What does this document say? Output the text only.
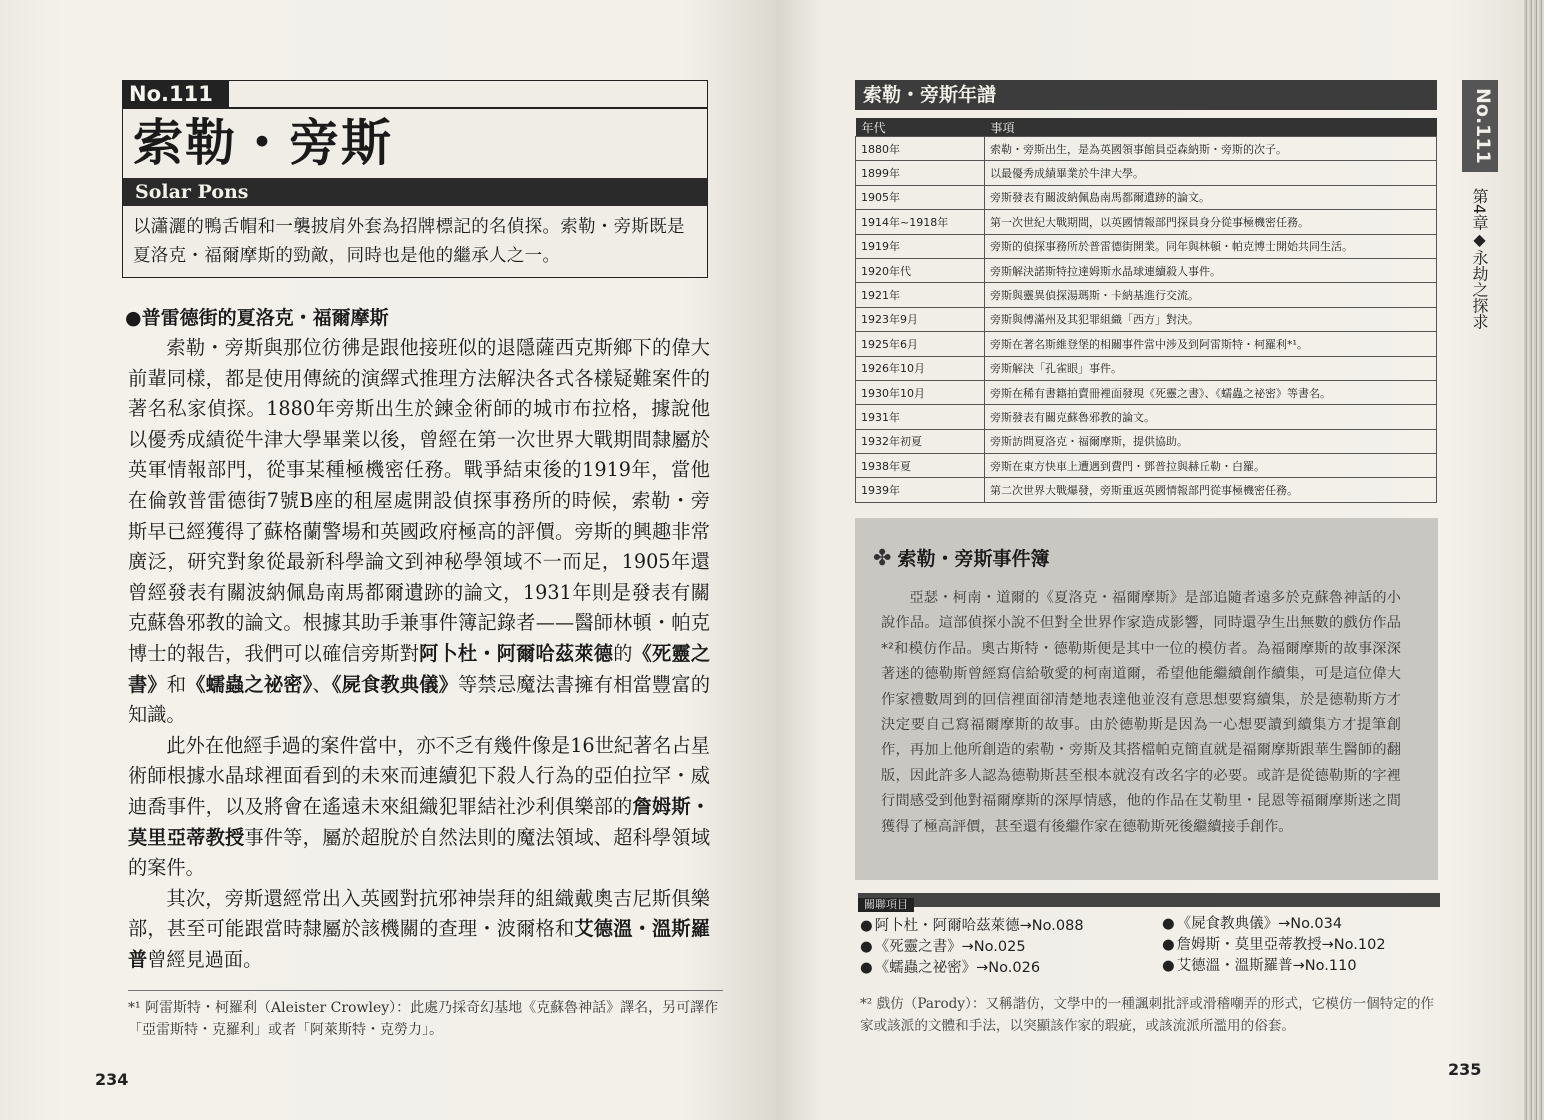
No.111
索勒・旁斯
Solar Pons
以瀟灑的鴨舌帽和一襲披肩外套為招牌標記的名偵探。索勒・旁斯既是夏洛克・福爾摩斯的勁敵，同時也是他的繼承人之一。
●普雷德街的夏洛克・福爾摩斯

索勒・旁斯與那位彷彿是跟他接班似的退隱薩西克斯鄉下的偉大前輩同樣，都是使用傳統的演繹式推理方法解決各式各樣疑難案件的著名私家偵探。1880年旁斯出生於鍊金術師的城市布拉格，據說他以優秀成績從牛津大學畢業以後，曾經在第一次世界大戰期間隸屬於英軍情報部門，從事某種極機密任務。戰爭結束後的1919年，當他在倫敦普雷德街7號B座的租屋處開設偵探事務所的時候，索勒・旁斯早已經獲得了蘇格蘭警場和英國政府極高的評價。旁斯的興趣非常廣泛，研究對象從最新科學論文到神秘學領域不一而足，1905年還曾經發表有關波納佩島南馬都爾遺跡的論文，1931年則是發表有關克蘇魯邪教的論文。根據其助手兼事件簿記錄者——醫師林頓・帕克博士的報告，我們可以確信旁斯對阿卜杜・阿爾哈茲萊德的《死靈之書》和《蠕蟲之祕密》、《屍食教典儀》等禁忌魔法書擁有相當豐富的知識。

此外在他經手過的案件當中，亦不乏有幾件像是16世紀著名占星術師根據水晶球裡面看到的未來而連續犯下殺人行為的亞伯拉罕・威迪喬事件，以及將會在遙遠未來組織犯罪結社沙利俱樂部的詹姆斯・莫里亞蒂教授事件等，屬於超脫於自然法則的魔法領域、超科學領域的案件。

其次，旁斯還經常出入英國對抗邪神崇拜的組織戴奧吉尼斯俱樂部，甚至可能跟當時隸屬於該機關的查理・波爾格和艾德溫・溫斯羅普曾經見過面。

*¹ 阿雷斯特・柯羅利（Aleister Crowley）：此處乃採奇幻基地《克蘇魯神話》譯名，另可譯作「亞雷斯特・克羅利」或者「阿萊斯特・克勞力」。
234
索勒・旁斯年譜
年代	事項
1880年	索勒・旁斯出生，是為英國領事館員亞森納斯・旁斯的次子。
1899年	以最優秀成績畢業於牛津大學。
1905年	旁斯發表有關波納佩島南馬都爾遺跡的論文。
1914年~1918年	第一次世紀大戰期間，以英國情報部門探員身分從事極機密任務。
1919年	旁斯的偵探事務所於普雷德街開業。同年與林頓・帕克博士開始共同生活。
1920年代	旁斯解決諾斯特拉達姆斯水晶球連續殺人事件。
1921年	旁斯與靈異偵探湯瑪斯・卡納基進行交流。
1923年9月	旁斯與傅滿州及其犯罪組織「西方」對決。
1925年6月	旁斯在著名斯維登堡的相關事件當中涉及到阿雷斯特・柯羅利*¹。
1926年10月	旁斯解決「孔雀眼」事件。
1930年10月	旁斯在稀有書籍拍賣冊裡面發現《死靈之書》、《蠕蟲之祕密》等書名。
1931年	旁斯發表有關克蘇魯邪教的論文。
1932年初夏	旁斯訪問夏洛克・福爾摩斯，提供協助。
1938年夏	旁斯在東方快車上遭遇到費門・鄧普拉與赫丘勒・白羅。
1939年	第二次世界大戰爆發，旁斯重返英國情報部門從事極機密任務。
✤ 索勒・旁斯事件簿
亞瑟・柯南・道爾的《夏洛克・福爾摩斯》是部追隨者遠多於克蘇魯神話的小說作品。這部偵探小說不但對全世界作家造成影響，同時還孕生出無數的戲仿作品*²和模仿作品。奧古斯特・德勒斯便是其中一位的模仿者。為福爾摩斯的故事深深著迷的德勒斯曾經寫信給敬愛的柯南道爾，希望他能繼續創作續集，可是這位偉大作家禮數周到的回信裡面卻清楚地表達他並沒有意思想要寫續集，於是德勒斯方才決定要自己寫福爾摩斯的故事。由於德勒斯是因為一心想要讀到續集方才提筆創作，再加上他所創造的索勒・旁斯及其搭檔帕克簡直就是福爾摩斯跟華生醫師的翻版，因此許多人認為德勒斯甚至根本就沒有改名字的必要。或許是從德勒斯的字裡行間感受到他對福爾摩斯的深厚情感，他的作品在艾勒里・昆恩等福爾摩斯迷之間獲得了極高評價，甚至還有後繼作家在德勒斯死後繼續接手創作。
關聯項目
● 阿卜杜・阿爾哈茲萊德→No.088
● 《死靈之書》→No.025
● 《蠕蟲之祕密》→No.026
● 《屍食教典儀》→No.034
● 詹姆斯・莫里亞蒂教授→No.102
● 艾德溫・溫斯羅普→No.110
*² 戲仿（Parody）：又稱諧仿，文學中的一種諷刺批評或滑稽嘲弄的形式，它模仿一個特定的作家或該派的文體和手法，以突顯該作家的瑕疵，或該流派所濫用的俗套。
235
No.111
第4章◆永劫之探求
